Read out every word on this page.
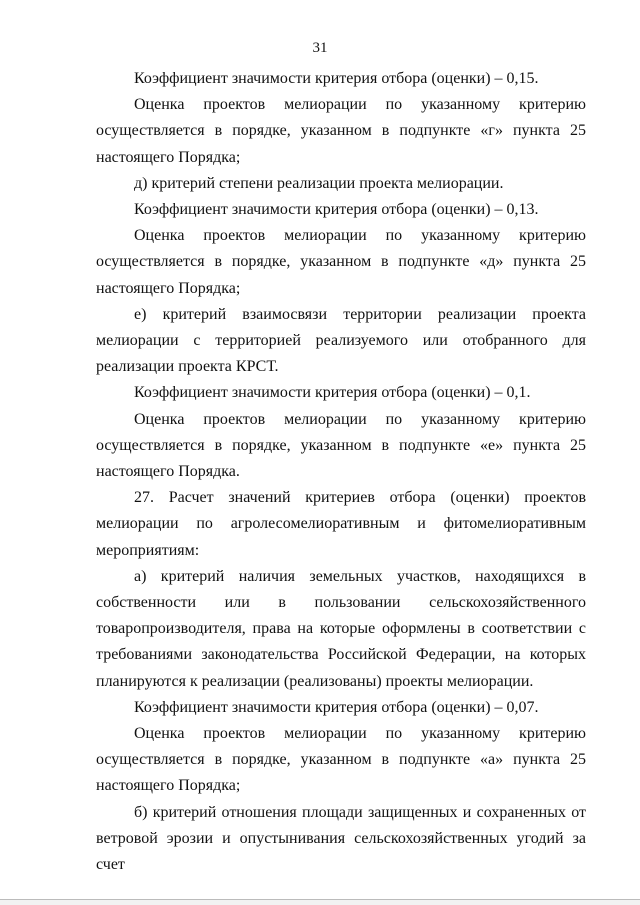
31

Коэффициент значимости критерия отбора (оценки) – 0,15.

Оценка проектов мелиорации по указанному критерию осуществляется в порядке, указанном в подпункте «г» пункта 25 настоящего Порядка;

д) критерий степени реализации проекта мелиорации.

Коэффициент значимости критерия отбора (оценки) – 0,13.

Оценка проектов мелиорации по указанному критерию осуществляется в порядке, указанном в подпункте «д» пункта 25 настоящего Порядка;

е) критерий взаимосвязи территории реализации проекта мелиорации с территорией реализуемого или отобранного для реализации проекта КРСТ.

Коэффициент значимости критерия отбора (оценки) – 0,1.

Оценка проектов мелиорации по указанному критерию осуществляется в порядке, указанном в подпункте «е» пункта 25 настоящего Порядка.

27. Расчет значений критериев отбора (оценки) проектов мелиорации по агролесомелиоративным и фитомелиоративным мероприятиям:

а) критерий наличия земельных участков, находящихся в собственности или в пользовании сельскохозяйственного товаропроизводителя, права на которые оформлены в соответствии с требованиями законодательства Российской Федерации, на которых планируются к реализации (реализованы) проекты мелиорации.

Коэффициент значимости критерия отбора (оценки) – 0,07.

Оценка проектов мелиорации по указанному критерию осуществляется в порядке, указанном в подпункте «а» пункта 25 настоящего Порядка;

б) критерий отношения площади защищенных и сохраненных от ветровой эрозии и опустынивания сельскохозяйственных угодий за счет
